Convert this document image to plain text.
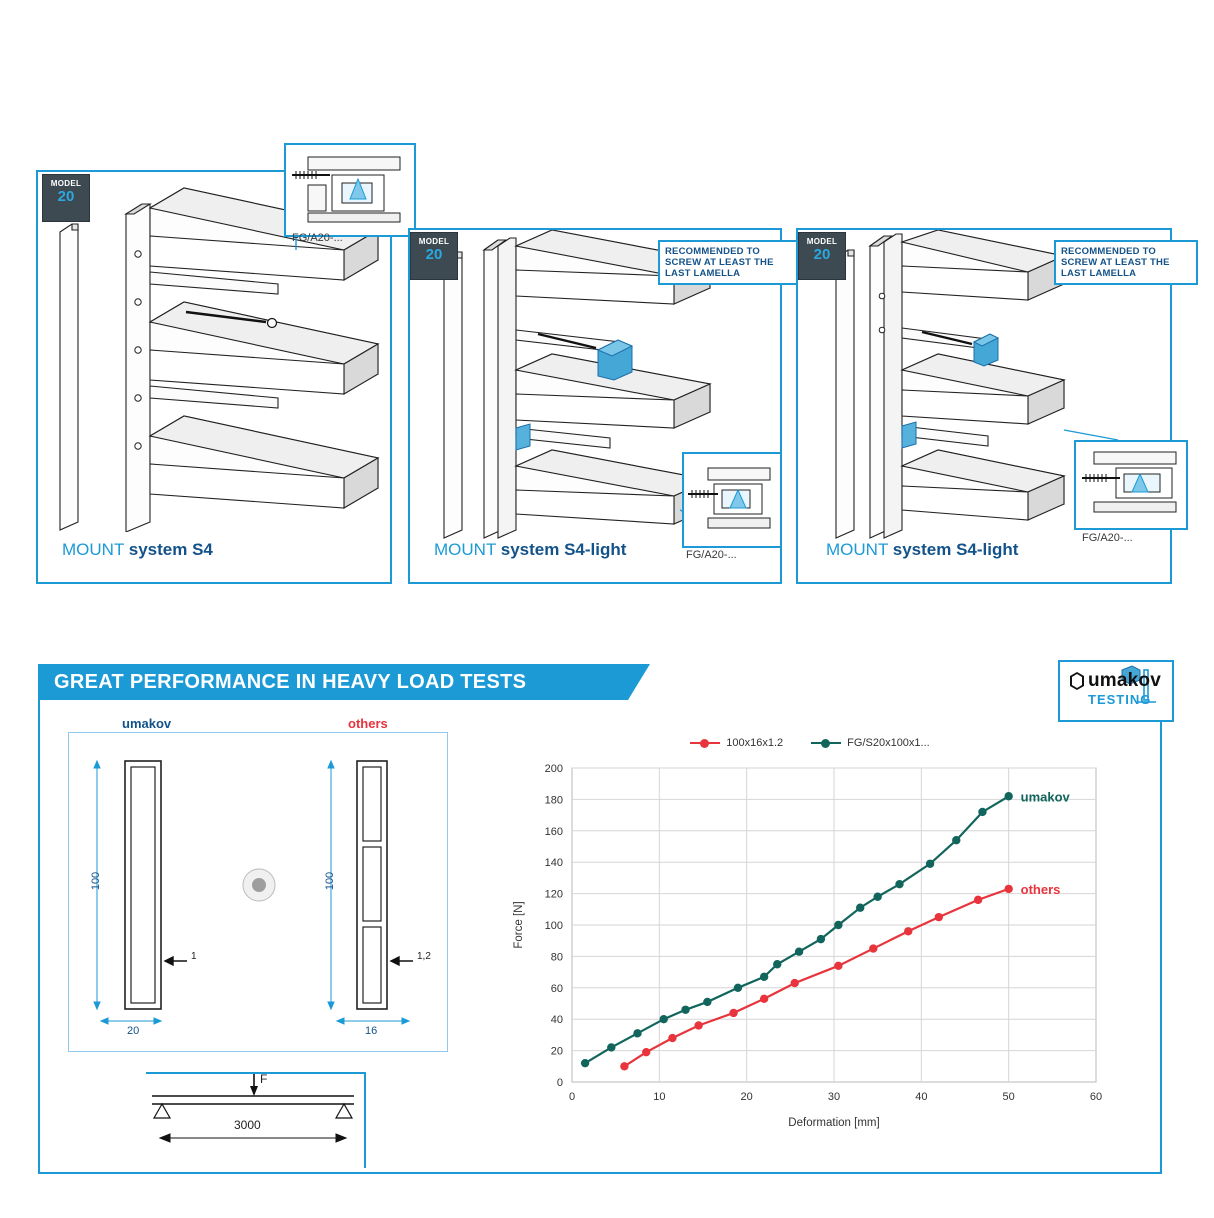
MOUNT system S4
FG/A20-...
MODEL
20
MOUNT system S4-light
RECOMMENDED TO SCREW AT LEAST THE LAST LAMELLA
FG/A20-...
MODEL
20
MOUNT system S4-light
RECOMMENDED TO SCREW AT LEAST THE LAST LAMELLA
FG/A20-...
MODEL
20
GREAT PERFORMANCE IN HEAVY LOAD TESTS	umakov
TESTING
umakov	others
100	100
20	16
1	1,2
F
3000
100x16x1.2	FG/S20x100x1...
0
20
40
60
80
100
120
140
160
180
200
0	10	20	30	40	50	60
Deformation [mm]
Force [N]
umakov
others
